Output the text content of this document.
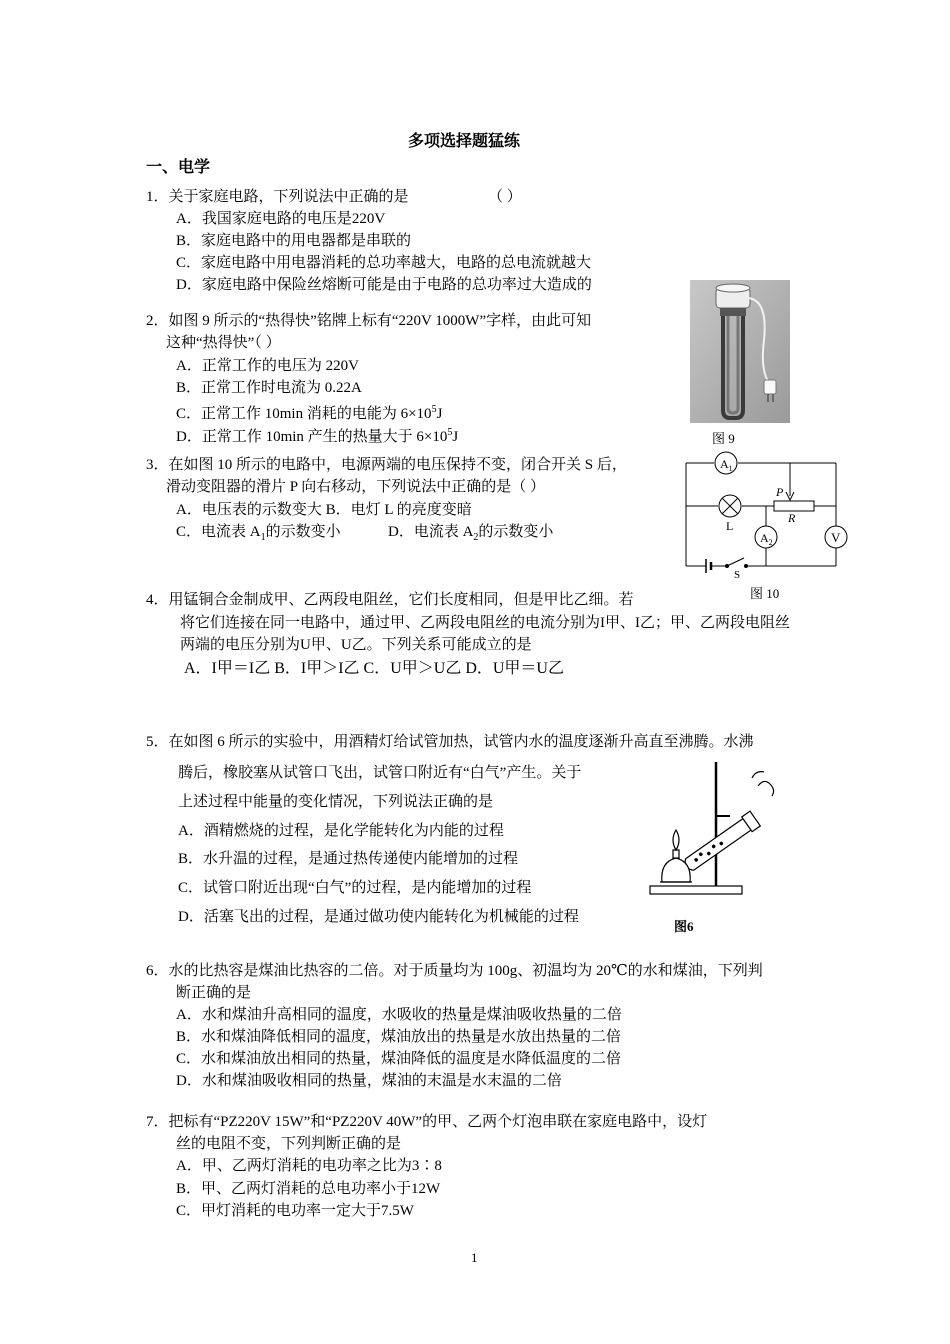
多项选择题猛练
一、电学
1．关于家庭电路，下列说法中正确的是	（ ）
A．我国家庭电路的电压是220V
B．家庭电路中的用电器都是串联的
C．家庭电路中用电器消耗的总功率越大，电路的总电流就越大
D．家庭电路中保险丝熔断可能是由于电路的总功率过大造成的
2．如图 9 所示的“热得快”铭牌上标有“220V 1000W”字样，由此可知
这种“热得快”（ ）
A．正常工作的电压为 220V
B．正常工作时电流为 0.22A
C．正常工作 10min 消耗的电能为 $6\times 10^5J$
D．正常工作 10min 产生的热量大于 $6\times 10^5J$	图 9
3．在如图 10 所示的电路中，电源两端的电压保持不变，闭合开关 S 后，
滑动变阻器的滑片 P 向右移动，下列说法中正确的是（ ）
A．电压表的示数变大 B．电灯 L 的亮度变暗
C．电流表 $A_1$的示数变小	D．电流表 $A_2$的示数变小
$A_1$
$A_2$	V
P
R
L
S
图 10
4．用锰铜合金制成甲、乙两段电阻丝，它们长度相同，但是甲比乙细。若
将它们连接在同一电路中，通过甲、乙两段电阻丝的电流分别为I甲、I乙；甲、乙两段电阻丝
两端的电压分别为U甲、U乙。下列关系可能成立的是
A．I甲＝I乙 B．I甲＞I乙 C．U甲＞U乙 D．U甲＝U乙
5．在如图 6 所示的实验中，用酒精灯给试管加热，试管内水的温度逐渐升高直至沸腾。水沸
腾后，橡胶塞从试管口飞出，试管口附近有“白气”产生。关于
上述过程中能量的变化情况，下列说法正确的是
A．酒精燃烧的过程，是化学能转化为内能的过程
B．水升温的过程，是通过热传递使内能增加的过程
C．试管口附近出现“白气”的过程，是内能增加的过程
D．活塞飞出的过程，是通过做功使内能转化为机械能的过程
图6
6．水的比热容是煤油比热容的二倍。对于质量均为 100g、初温均为 20℃的水和煤油，下列判
断正确的是
A．水和煤油升高相同的温度，水吸收的热量是煤油吸收热量的二倍
B．水和煤油降低相同的温度，煤油放出的热量是水放出热量的二倍
C．水和煤油放出相同的热量，煤油降低的温度是水降低温度的二倍
D．水和煤油吸收相同的热量，煤油的末温是水末温的二倍
7．把标有“PZ220V 15W”和“PZ220V 40W”的甲、乙两个灯泡串联在家庭电路中，设灯
丝的电阻不变，下列判断正确的是
A．甲、乙两灯消耗的电功率之比为3∶8
B．甲、乙两灯消耗的总电功率小于12W
C．甲灯消耗的电功率一定大于7.5W
1
